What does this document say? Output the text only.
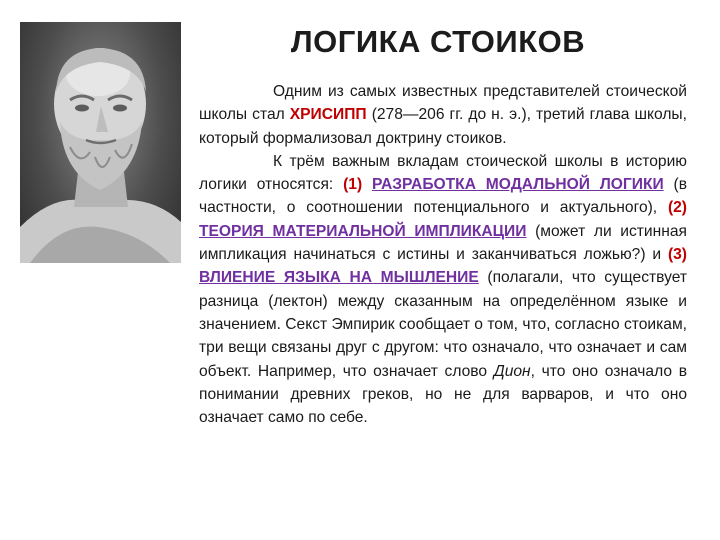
ЛОГИКА СТОИКОВ

Одним из самых известных представителей стоической школы стал ХРИСИПП (278—206 гг. до н. э.), третий глава школы, который формализовал доктрину стоиков.

К трём важным вкладам стоической школы в историю логики относятся: (1) РАЗРАБОТКА МОДАЛЬНОЙ ЛОГИКИ (в частности, о соотношении потенциального и актуального), (2) ТЕОРИЯ МАТЕРИАЛЬНОЙ ИМПЛИКАЦИИ (может ли истинная импликация начинаться с истины и заканчиваться ложью?) и (3) ВЛИЕНИЕ ЯЗЫКА НА МЫШЛЕНИЕ (полагали, что существует разница (лектон) между сказанным на определённом языке и значением. Секст Эмпирик сообщает о том, что, согласно стоикам, три вещи связаны друг с другом: что означало, что означает и сам объект. Например, что означает слово Дион, что оно означало в понимании древних греков, но не для варваров, и что оно означает само по себе.
